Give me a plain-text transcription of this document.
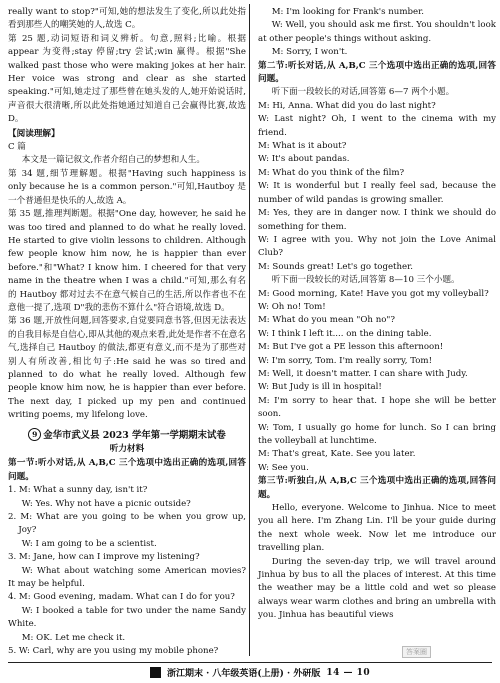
really want to stop?"可知,她的想法发生了变化,所以此处指看到那些人的嘲笑她的人,故选 C。
第 25 题,动词短语和词义辨析。句意,照料;比喻。根据 appear 为变得;stay 停留;try 尝试;win 赢得。根据"She walked past those who were making jokes at her hair. Her voice was strong and clear as she started speaking."可知,她走过了那些曾在她头发的人,她开始说话时,声音很大很清晰,所以此处指她通过知道自己会赢得比赛,故选 D。
【阅读理解】
C 篇
本文是一篇记叙文,作者介绍自己的梦想和人生。
第 34 题,细节理解题。根据"Having such happiness is only because he is a common person."可知,Hautboy 是一个普通但是快乐的人,故选 A。
第 35 题,推理判断题。根据"One day, however, he said he was too tired and planned to do what he really loved. He started to give violin lessons to children. Although few people know him now, he is happier than ever before."和"What? I know him. I cheered for that very name in the theatre when I was a child."可知,那么有名的 Hautboy 都对过去不在意气候自己的生活,所以作者也不在意他一提了,选项 D"我的悲伤不算什么"符合语境,故选 D。
第 36 题,开放性问题,回答要求,自觉要同意书答,但因无法表达的自我目标是自信心,即从其他的观点来看,此处是作者不在意名气,选择自己 Hautboy 的做法,都更有意义,而不是为了那些对别人有所改善,相比句子:He said he was so tired and planned to do what he really loved. Although few people know him now, he is happier than ever before. The next day, I picked up my pen and continued writing poems, my lifelong love.
9 金华市武义县 2023 学年第一学期期末试卷
听力材料
第一节:听小对话,从 A,B,C 三个选项中选出正确的选项,回答问题。
1. M: What a sunny day, isn't it?
W: Yes. Why not have a picnic outside?
2. M: What are you going to be when you grow up, Joy?
W: I am going to be a scientist.
3. M: Jane, how can I improve my listening?
W: What about watching some American movies? It may be helpful.
4. M: Good evening, madam. What can I do for you?
W: I booked a table for two under the name Sandy White.
M: OK. Let me check it.
5. W: Carl, why are you using my mobile phone?
M: I'm looking for Frank's number.
W: Well, you should ask me first. You shouldn't look at other people's things without asking.
M: Sorry, I won't.
第二节:听长对话,从 A,B,C 三个选项中选出正确的选项,回答问题。
听下面一段较长的对话,回答第 6—7 两个小题。
M: Hi, Anna. What did you do last night?
W: Last night? Oh, I went to the cinema with my friend.
M: What is it about?
W: It's about pandas.
M: What do you think of the film?
W: It is wonderful but I really feel sad, because the number of wild pandas is growing smaller.
M: Yes, they are in danger now. I think we should do something for them.
W: I agree with you. Why not join the Love Animal Club?
M: Sounds great! Let's go together.
听下面一段较长的对话,回答第 8—10 三个小题。
M: Good morning, Kate! Have you got my volleyball?
W: Oh no! Tom!
M: What do you mean "Oh no"?
W: I think I left it.... on the dining table.
M: But I've got a PE lesson this afternoon!
W: I'm sorry, Tom. I'm really sorry, Tom!
M: Well, it doesn't matter. I can share with Judy.
W: But Judy is ill in hospital!
M: I'm sorry to hear that. I hope she will be better soon.
W: Tom, I usually go home for lunch. So I can bring the volleyball at lunchtime.
M: That's great, Kate. See you later.
W: See you.
第三节:听独白,从 A,B,C 三个选项中选出正确的选项,回答问题。
Hello, everyone. Welcome to Jinhua. Nice to meet you all here. I'm Zhang Lin. I'll be your guide during the next whole week. Now let me introduce our travelling plan.
During the seven-day trip, we will travel around Jinhua by bus to all the places of interest. At this time the weather may be a little cold and wet so please always wear warm clothes and bring an umbrella with you. Jinhua has beautiful views
答案圈
浙江期末 · 八年级英语(上册) · 外研版 14 — 10
